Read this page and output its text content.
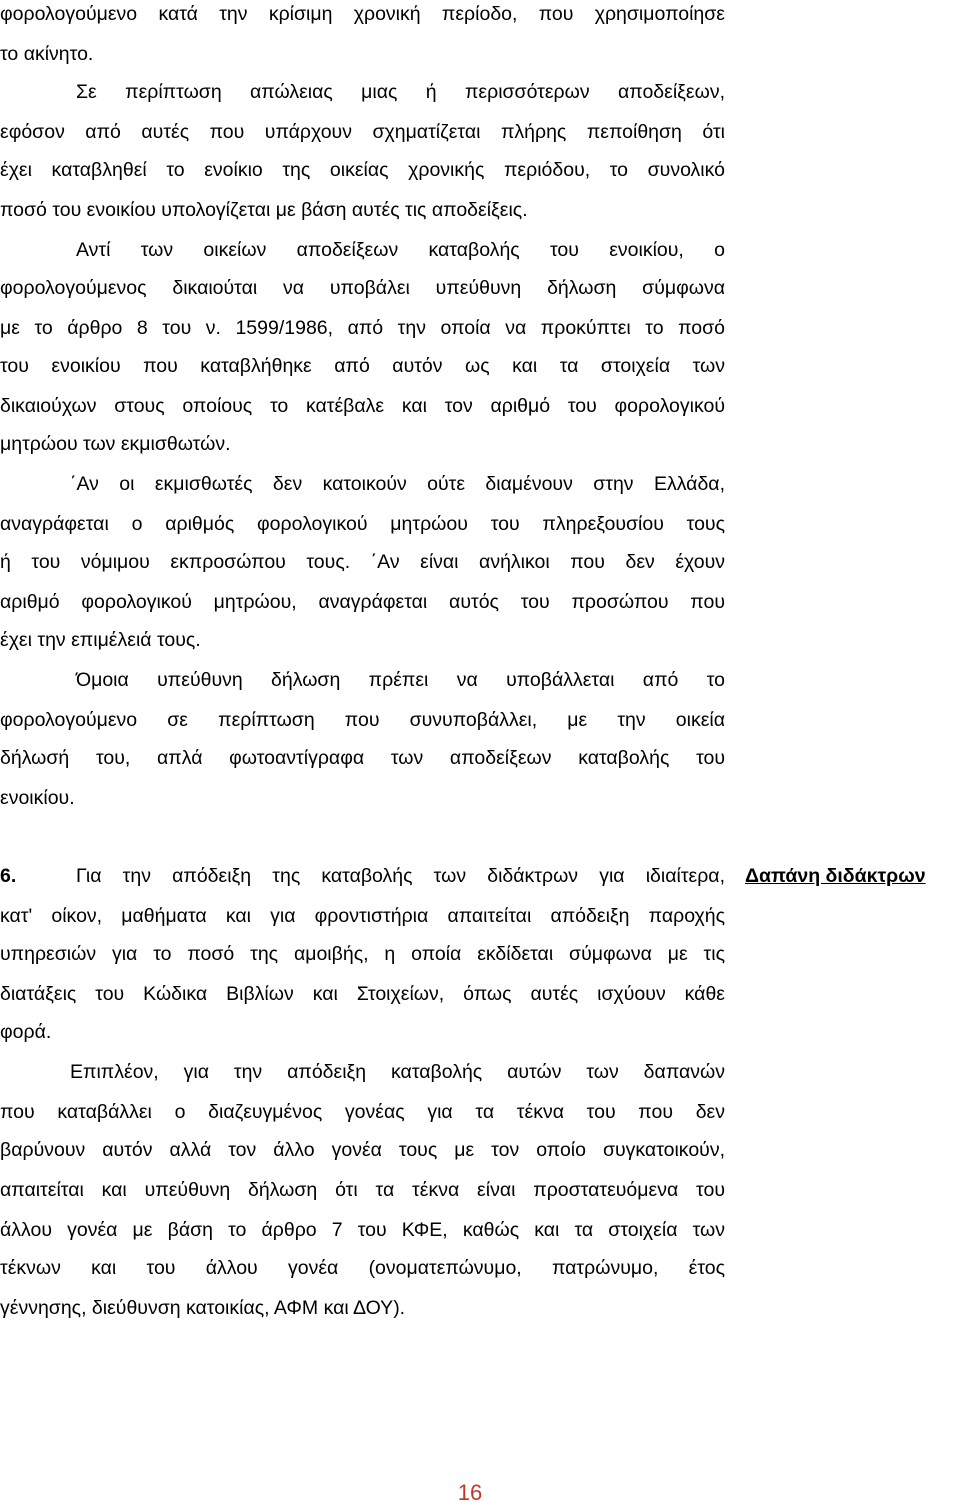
φορολογούμενο κατά την κρίσιμη χρονική περίοδο, που χρησιμοποίησε
το ακίνητο.
Σε περίπτωση απώλειας μιας ή περισσότερων αποδείξεων,
εφόσον από αυτές που υπάρχουν σχηματίζεται πλήρης πεποίθηση ότι
έχει καταβληθεί το ενοίκιο της οικείας χρονικής περιόδου, το συνολικό
ποσό του ενοικίου υπολογίζεται με βάση αυτές τις αποδείξεις.
Αντί των οικείων αποδείξεων καταβολής του ενοικίου, ο
φορολογούμενος δικαιούται να υποβάλει υπεύθυνη δήλωση σύμφωνα
με το άρθρο 8 του ν. 1599/1986, από την οποία να προκύπτει το ποσό
του ενοικίου που καταβλήθηκε από αυτόν ως και τα στοιχεία των
δικαιούχων στους οποίους το κατέβαλε και τον αριθμό του φορολογικού
μητρώου των εκμισθωτών.
΄Αν οι εκμισθωτές δεν κατοικούν ούτε διαμένουν στην Ελλάδα,
αναγράφεται ο αριθμός φορολογικού μητρώου του πληρεξουσίου τους
ή του νόμιμου εκπροσώπου τους. ΄Αν είναι ανήλικοι που δεν έχουν
αριθμό φορολογικού μητρώου, αναγράφεται αυτός του προσώπου που
έχει την επιμέλειά τους.
Όμοια υπεύθυνη δήλωση πρέπει να υποβάλλεται από το
φορολογούμενο σε περίπτωση που συνυποβάλλει, με την οικεία
δήλωσή του, απλά φωτοαντίγραφα των αποδείξεων καταβολής του
ενοικίου.
6.	Για την απόδειξη της καταβολής των διδάκτρων για ιδιαίτερα,
κατ' οίκον, μαθήματα και για φροντιστήρια απαιτείται απόδειξη παροχής
υπηρεσιών για το ποσό της αμοιβής, η οποία εκδίδεται σύμφωνα με τις
διατάξεις του Κώδικα Βιβλίων και Στοιχείων, όπως αυτές ισχύουν κάθε
φορά.
Επιπλέον, για την απόδειξη καταβολής αυτών των δαπανών
που καταβάλλει ο διαζευγμένος γονέας για τα τέκνα του που δεν
βαρύνουν αυτόν αλλά τον άλλο γονέα τους με τον οποίο συγκατοικούν,
απαιτείται και υπεύθυνη δήλωση ότι τα τέκνα είναι προστατευόμενα του
άλλου γονέα με βάση το άρθρο 7 του ΚΦΕ, καθώς και τα στοιχεία των
τέκνων και του άλλου γονέα (ονοματεπώνυμο, πατρώνυμο, έτος
γέννησης, διεύθυνση κατοικίας, ΑΦΜ και ΔΟΥ).
Δαπάνη διδάκτρων
16
